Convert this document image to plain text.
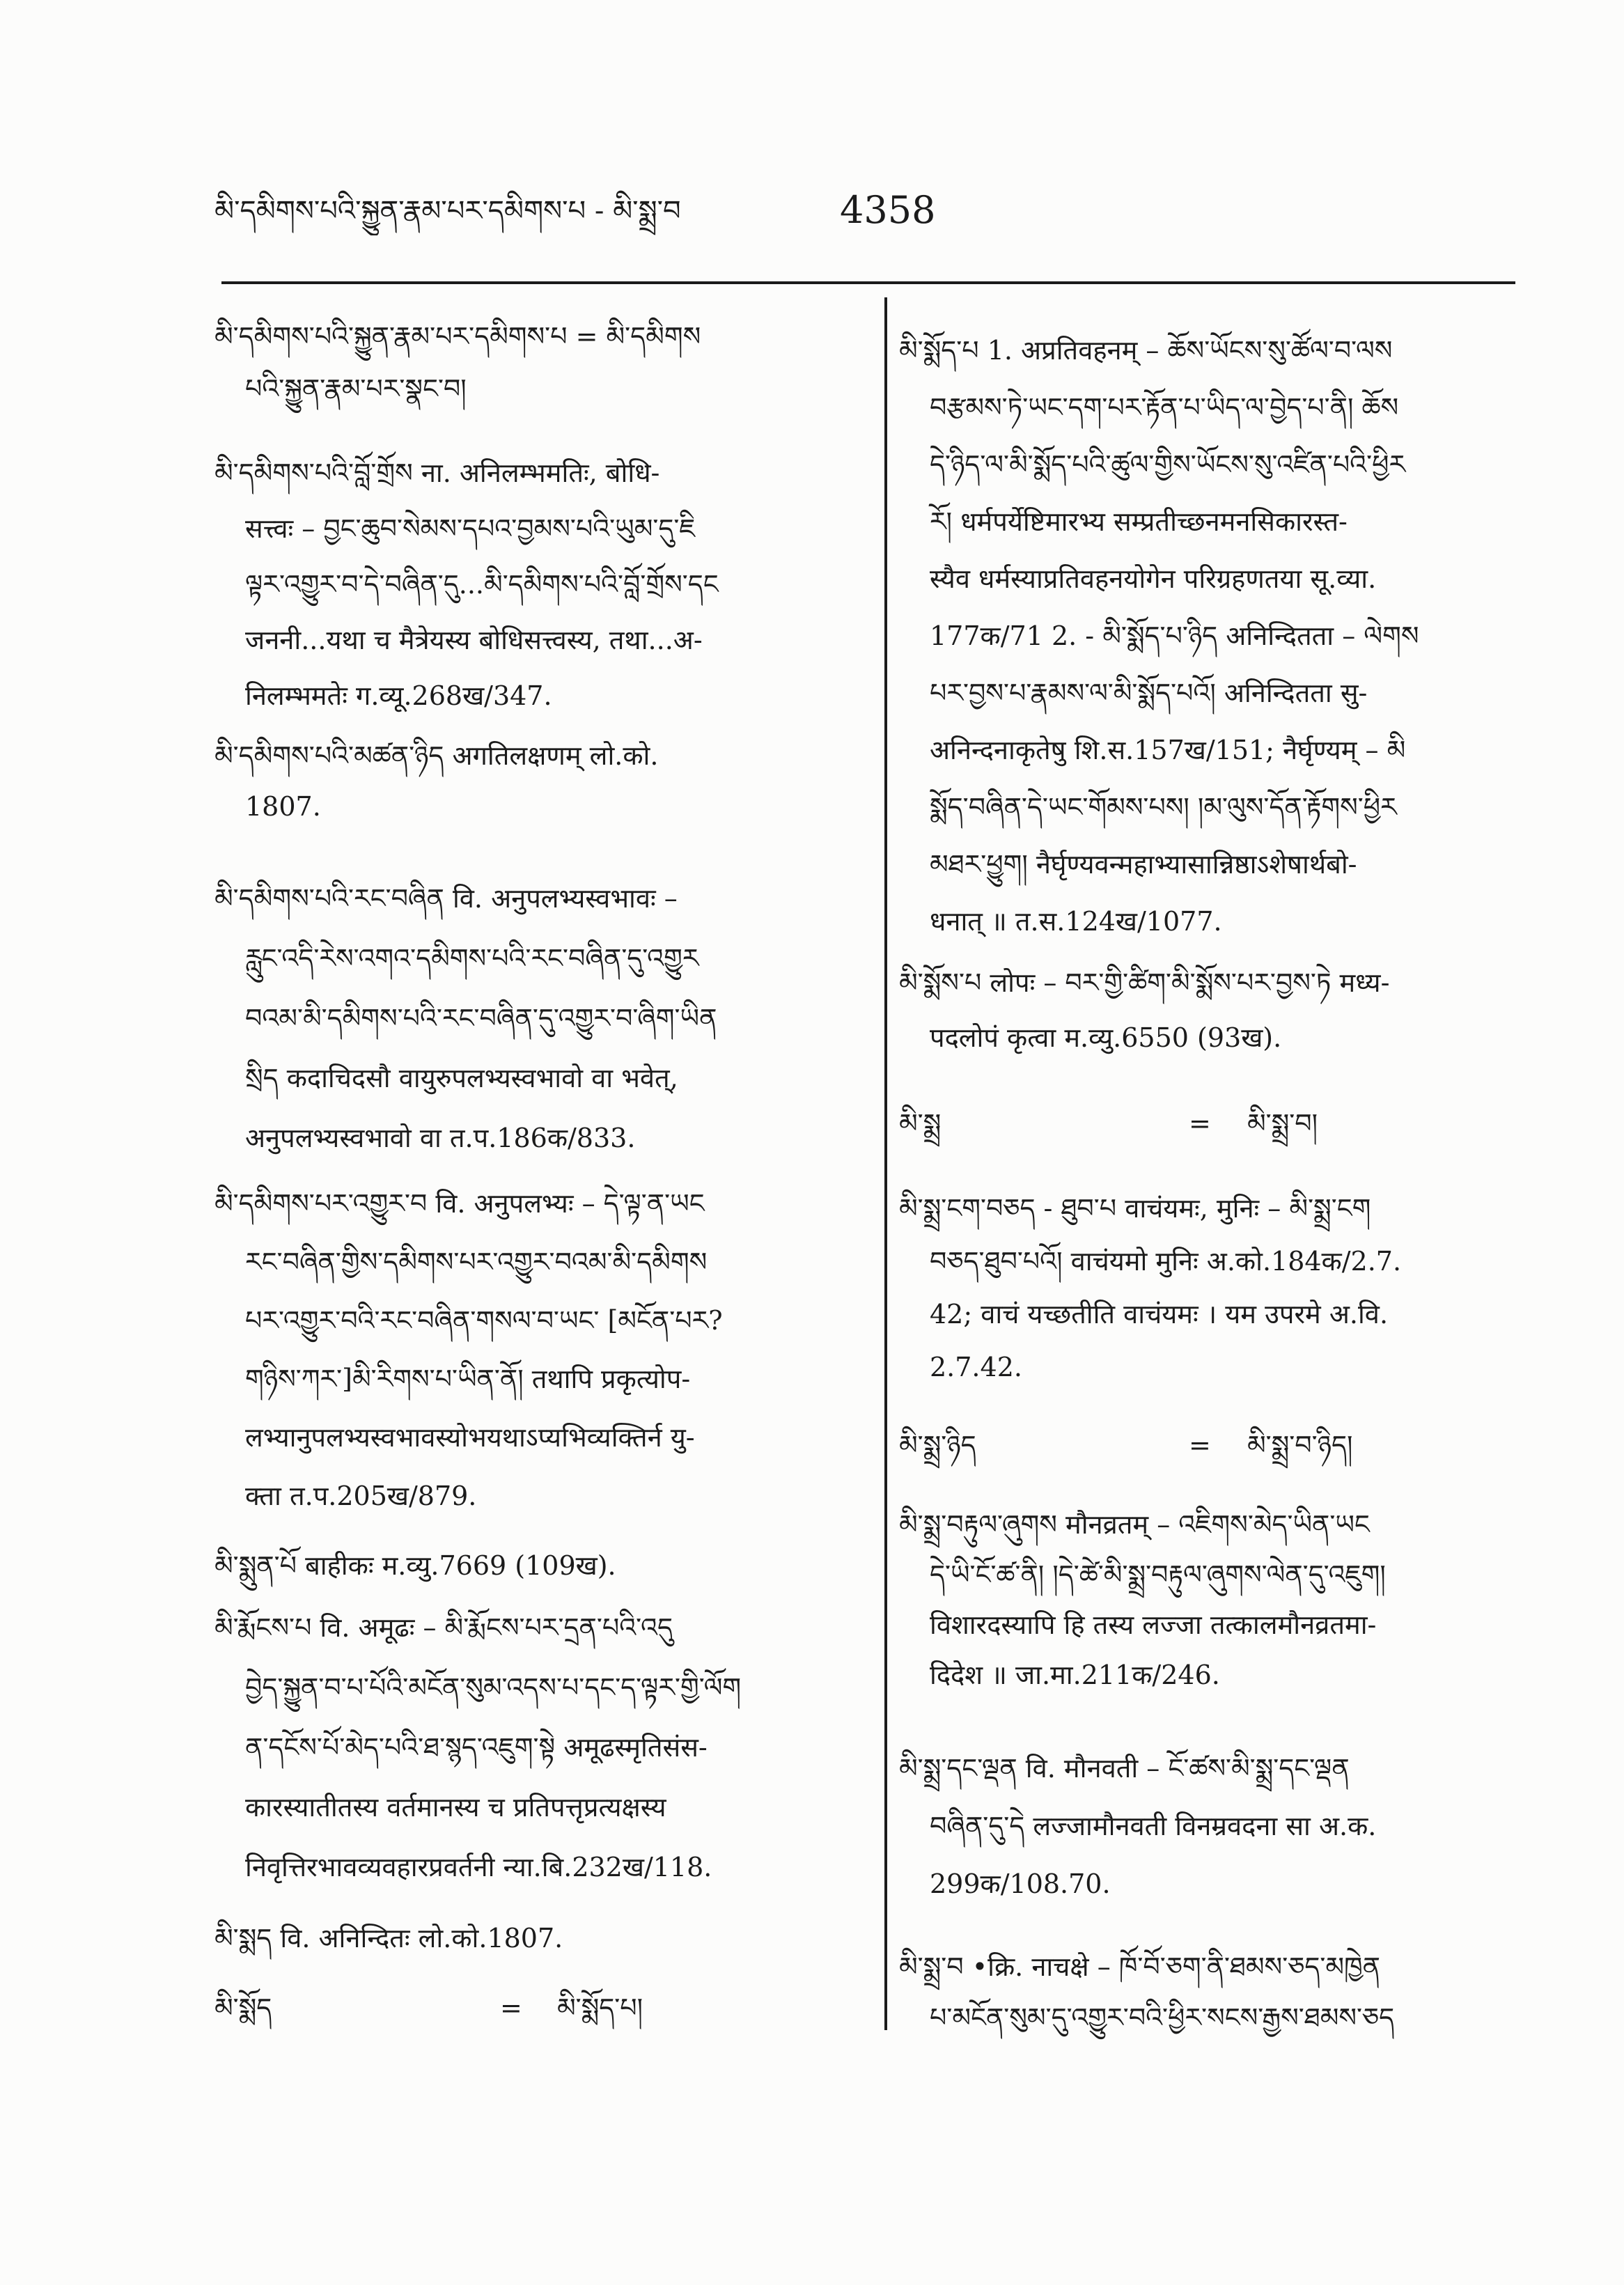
མི་དམིགས་པའི་སྐྱུན་རྣམ་པར་དམིགས་པ - མི་སྨྲ་བ	4358
མི་དམིགས་པའི་སྐྱུན་རྣམ་པར་དམིགས་པ = མི་དམིགས
པའི་སྐྱུན་རྣམ་པར་སྣང་བ།
མི་དམིགས་པའི་བློ་གྲོས ना. अनिलम्भमतिः, बोधि-
सत्त्वः – བྱང་ཆུབ་སེམས་དཔའ་བྱམས་པའི་ཡུམ་དུ་ཇི
ལྟར་འགྱུར་བ་དེ་བཞིན་དུ...མི་དམིགས་པའི་བློ་གྲོས་དང
जननी...यथा च मैत्रेयस्य बोधिसत्त्वस्य, तथा...अ-
निलम्भमतेः ग.व्यू.268ख/347.
མི་དམིགས་པའི་མཚན་ཉིད अगतिलक्षणम् लो.को.
1807.
མི་དམིགས་པའི་རང་བཞིན वि. अनुपलभ्यस्वभावः –
རླུང་འདི་རེས་འགའ་དམིགས་པའི་རང་བཞིན་དུ་འགྱུར
བའམ་མི་དམིགས་པའི་རང་བཞིན་དུ་འགྱུར་བ་ཞིག་ཡིན
སྲིད कदाचिदसौ वायुरुपलभ्यस्वभावो वा भवेत्,
अनुपलभ्यस्वभावो वा त.प.186क/833.
མི་དམིགས་པར་འགྱུར་བ वि. अनुपलभ्यः – དེ་ལྟ་ན་ཡང
རང་བཞིན་གྱིས་དམིགས་པར་འགྱུར་བའམ་མི་དམིགས
པར་འགྱུར་བའི་རང་བཞིན་གསལ་བ་ཡང་ [མངོན་པར?
གཉིས་ཀར་]མི་རིགས་པ་ཡིན་ནོ། तथापि प्रकृत्योप-
लभ्यानुपलभ्यस्वभावस्योभयथाऽप्यभिव्यक्तिर्न यु-
क्ता त.प.205ख/879.
མི་སྨུན་པོ बाहीकः म.व्यु.7669 (109ख).
མི་རྨོངས་པ वि. अमूढः – མི་རྨོངས་པར་དྲན་པའི་འདུ
བྱེད་སྐྱུན་བ་པ་པོའི་མངོན་སུམ་འདས་པ་དང་ད་ལྟར་གྱི་ལོག
ན་དངོས་པོ་མེད་པའི་ཐ་སྙད་འཇུག་སྟེ अमूढस्मृतिसंस-
कारस्यातीतस्य वर्तमानस्य च प्रतिपत्तृप्रत्यक्षस्य
निवृत्तिरभावव्यवहारप्रवर्तनी न्या.बि.232ख/118.
མི་སྨད वि. अनिन्दितः लो.को.1807.
མི་སྨོད	= མི་སྨོད་པ།
མི་སྨོད་པ 1. अप्रतिवहनम् – ཆོས་ཡོངས་སུ་ཚོལ་བ་ལས
བརྩམས་ཏེ་ཡང་དག་པར་རྟོན་པ་ཡིད་ལ་བྱེད་པ་ནི། ཆོས
དེ་ཉིད་ལ་མི་སྨོད་པའི་ཚུལ་གྱིས་ཡོངས་སུ་འཛིན་པའི་ཕྱིར
རོ། धर्मपर्येष्टिमारभ्य सम्प्रतीच्छनमनसिकारस्त-
स्यैव धर्मस्याप्रतिवहनयोगेन परिग्रहणतया सू.व्या.
177क/71 2. - མི་སྨོད་པ་ཉིད अनिन्दितता – ལེགས
པར་བྱས་པ་རྣམས་ལ་མི་སྨོད་པའོ། अनिन्दितता सु-
अनिन्दनाकृतेषु शि.स.157ख/151; नैर्घृण्यम् – མི
སྨོད་བཞིན་དེ་ཡང་གོམས་པས། །མ་ལུས་དོན་རྟོགས་ཕྱིར
མཐར་ཕྱུག། नैर्घृण्यवन्महाभ्यासान्निष्ठाऽशेषार्थबो-
धनात् ॥ त.स.124ख/1077.
མི་སྨོས་པ लोपः – བར་གྱི་ཚིག་མི་སྨོས་པར་བྱས་ཏེ मध्य-
पदलोपं कृत्वा म.व्यु.6550 (93ख).
མི་སྨྲ	= མི་སྨྲ་བ།
མི་སྨྲ་ངག་བཅད - ཐུབ་པ वाचंयमः, मुनिः – མི་སྨྲ་ངག
བཅད་ཐུབ་པའོ། वाचंयमो मुनिः अ.को.184क/2.7.
42; वाचं यच्छतीति वाचंयमः । यम उपरमे अ.वि.
2.7.42.
མི་སྨྲ་ཉིད	= མི་སྨྲ་བ་ཉིད།
མི་སྨྲ་བརྟུལ་ཞུགས मौनव्रतम् – འཇིགས་མེད་ཡིན་ཡང
དེ་ཡི་ངོ་ཚ་ནི། །དེ་ཚེ་མི་སྨྲ་བརྟུལ་ཞུགས་ལེན་དུ་འཇུག།
विशारदस्यापि हि तस्य लज्जा तत्कालमौनव्रतमा-
दिदेश ॥ जा.मा.211क/246.
མི་སྨྲ་དང་ལྡན वि. मौनवती – ངོ་ཚས་མི་སྨྲ་དང་ལྡན
བཞིན་དུ་དེ लज्जामौनवती विनम्रवदना सा अ.क.
299क/108.70.
མི་སྨྲ་བ •क्रि. नाचक्षे – ཁོ་བོ་ཅག་ནི་ཐམས་ཅད་མཁྱེན
པ་མངོན་སུམ་དུ་འགྱུར་བའི་ཕྱིར་སངས་རྒྱས་ཐམས་ཅད
